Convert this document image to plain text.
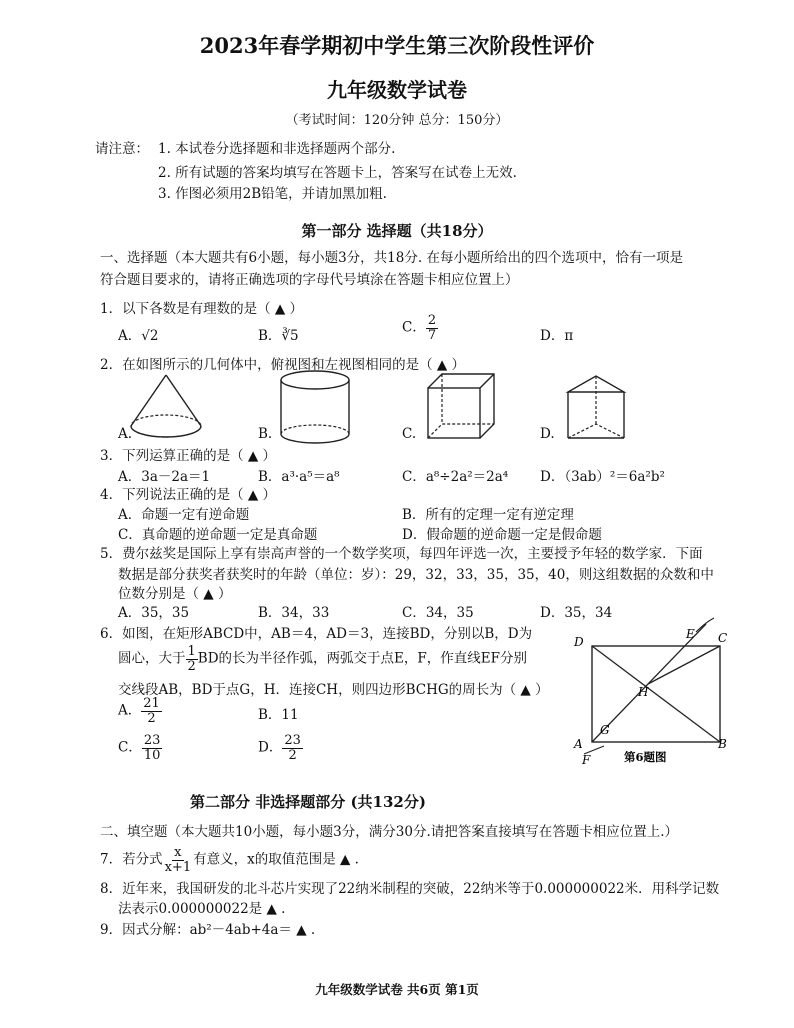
2023年春学期初中学生第三次阶段性评价
九年级数学试卷
（考试时间：120分钟 总分：150分）
请注意： 1. 本试卷分选择题和非选择题两个部分.
2. 所有试题的答案均填写在答题卡上，答案写在试卷上无效.
3. 作图必须用2B铅笔，并请加黑加粗.
第一部分 选择题（共18分）
一、选择题（本大题共有6小题，每小题3分，共18分. 在每小题所给出的四个选项中，恰有一项是
符合题目要求的，请将正确选项的字母代号填涂在答题卡相应位置上）
1．以下各数是有理数的是（ ▲ ）
A．√2	B．∛5
C． $\frac{2}{7}$	D．π
2．在如图所示的几何体中，俯视图和左视图相同的是（ ▲ ）
A.	B.	C.	D.
3．下列运算正确的是（ ▲ ）
A．3a－2a＝1	B．a³·a⁵＝a⁸	C．a⁸÷2a²＝2a⁴ D．（3ab）²＝6a²b²
4．下列说法正确的是（ ▲ ）
A．命题一定有逆命题	B．所有的定理一定有逆定理
C．真命题的逆命题一定是真命题	D．假命题的逆命题一定是假命题
5．费尔兹奖是国际上享有崇高声誉的一个数学奖项，每四年评选一次，主要授予年轻的数学家．下面
数据是部分获奖者获奖时的年龄（单位：岁）：29，32，33，35，35，40，则这组数据的众数和中
位数分别是（ ▲ ）
A．35，35	B．34，33	C．34，35	D．35，34
6．如图，在矩形ABCD中，AB＝4，AD＝3，连接BD，分别以B，D为
圆心，大于 $\frac{1}{2}$ BD的长为半径作弧，两弧交于点E，F，作直线EF分别
交线段AB，BD于点G，H．连接CH，则四边形BCHG的周长为（ ▲ ）
A． $\frac{21}{2}$	B．11
C． $\frac{23}{10}$	D． $\frac{23}{2}$
D
E C
H
G
A	B
F	第6题图
第二部分 非选择题部分 (共132分)
二、填空题（本大题共10小题，每小题3分，满分30分.请把答案直接填写在答题卡相应位置上.）
7．若分式 $\frac{x}{x+1}$ 有意义，x的取值范围是 ▲ .
8．近年来，我国研发的北斗芯片实现了22纳米制程的突破，22纳米等于0.000000022米．用科学记数
法表示0.000000022是 ▲ .
9．因式分解：ab²－4ab+4a＝ ▲ .
九年级数学试卷 共6页 第1页
